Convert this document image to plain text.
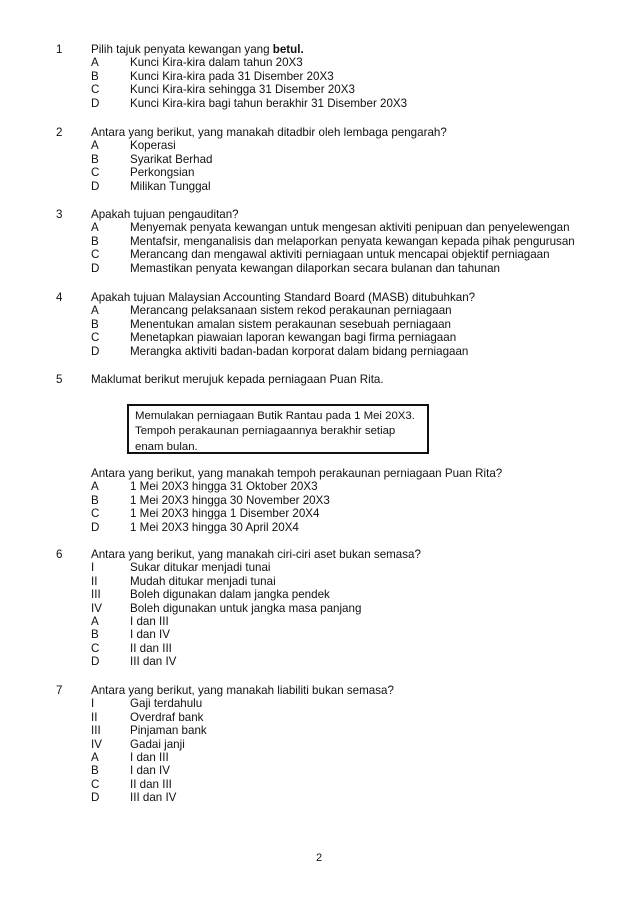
1 Pilih tajuk penyata kewangan yang betul.
A	Kunci Kira-kira dalam tahun 20X3
B	Kunci Kira-kira pada 31 Disember 20X3
C	Kunci Kira-kira sehingga 31 Disember 20X3
D	Kunci Kira-kira bagi tahun berakhir 31 Disember 20X3
2 Antara yang berikut, yang manakah ditadbir oleh lembaga pengarah?
A	Koperasi
B	Syarikat Berhad
C	Perkongsian
D	Milikan Tunggal
3 Apakah tujuan pengauditan?
A	Menyemak penyata kewangan untuk mengesan aktiviti penipuan dan penyelewengan
B	Mentafsir, menganalisis dan melaporkan penyata kewangan kepada pihak pengurusan
C	Merancang dan mengawal aktiviti perniagaan untuk mencapai objektif perniagaan
D	Memastikan penyata kewangan dilaporkan secara bulanan dan tahunan
4 Apakah tujuan Malaysian Accounting Standard Board (MASB) ditubuhkan?
A	Merancang pelaksanaan sistem rekod perakaunan perniagaan
B	Menentukan amalan sistem perakaunan sesebuah perniagaan
C	Menetapkan piawaian laporan kewangan bagi firma perniagaan
D	Merangka aktiviti badan-badan korporat dalam bidang perniagaan
5 Maklumat berikut merujuk kepada perniagaan Puan Rita.
Memulakan perniagaan Butik Rantau pada 1 Mei 20X3.
Tempoh perakaunan perniagaannya berakhir setiap
enam bulan.
Antara yang berikut, yang manakah tempoh perakaunan perniagaan Puan Rita?
A	1 Mei 20X3 hingga 31 Oktober 20X3
B	1 Mei 20X3 hingga 30 November 20X3
C	1 Mei 20X3 hingga 1 Disember 20X4
D	1 Mei 20X3 hingga 30 April 20X4
6 Antara yang berikut, yang manakah ciri-ciri aset bukan semasa?
I	Sukar ditukar menjadi tunai
II	Mudah ditukar menjadi tunai
III	Boleh digunakan dalam jangka pendek
IV Boleh digunakan untuk jangka masa panjang
A	I dan III
B	I dan IV
C	II dan III
D	III dan IV
7 Antara yang berikut, yang manakah liabiliti bukan semasa?
I	Gaji terdahulu
II	Overdraf bank
III	Pinjaman bank
IV Gadai janji
A	I dan III
B	I dan IV
C	II dan III
D	III dan IV
2
